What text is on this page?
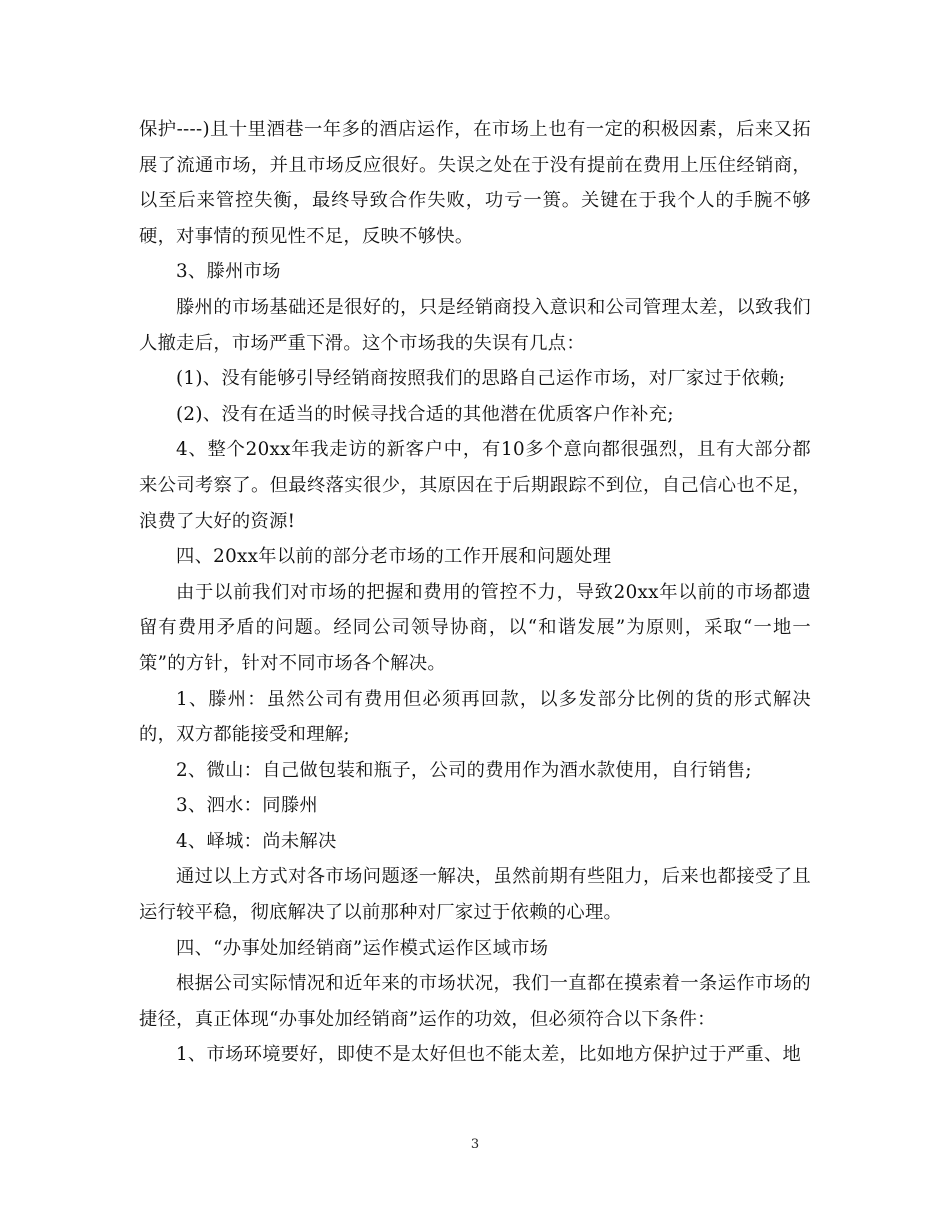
保护----)且十里酒巷一年多的酒店运作，在市场上也有一定的积极因素，后来又拓展了流通市场，并且市场反应很好。失误之处在于没有提前在费用上压住经销商，以至后来管控失衡，最终导致合作失败，功亏一篑。关键在于我个人的手腕不够硬，对事情的预见性不足，反映不够快。

3、滕州市场

滕州的市场基础还是很好的，只是经销商投入意识和公司管理太差，以致我们人撤走后，市场严重下滑。这个市场我的失误有几点：

(1)、没有能够引导经销商按照我们的思路自己运作市场，对厂家过于依赖;

(2)、没有在适当的时候寻找合适的其他潜在优质客户作补充;

4、整个20xx年我走访的新客户中，有10多个意向都很强烈，且有大部分都来公司考察了。但最终落实很少，其原因在于后期跟踪不到位，自己信心也不足，浪费了大好的资源!

四、20xx年以前的部分老市场的工作开展和问题处理

由于以前我们对市场的把握和费用的管控不力，导致20xx年以前的市场都遗留有费用矛盾的问题。经同公司领导协商，以“和谐发展”为原则，采取“一地一策”的方针，针对不同市场各个解决。

1、滕州：虽然公司有费用但必须再回款，以多发部分比例的货的形式解决的，双方都能接受和理解;

2、微山：自己做包装和瓶子，公司的费用作为酒水款使用，自行销售;

3、泗水：同滕州

4、峄城：尚未解决

通过以上方式对各市场问题逐一解决，虽然前期有些阻力，后来也都接受了且运行较平稳，彻底解决了以前那种对厂家过于依赖的心理。

四、“办事处加经销商”运作模式运作区域市场

根据公司实际情况和近年来的市场状况，我们一直都在摸索着一条运作市场的捷径，真正体现“办事处加经销商”运作的功效，但必须符合以下条件：

1、市场环境要好，即使不是太好但也不能太差，比如地方保护过于严重、地

3
